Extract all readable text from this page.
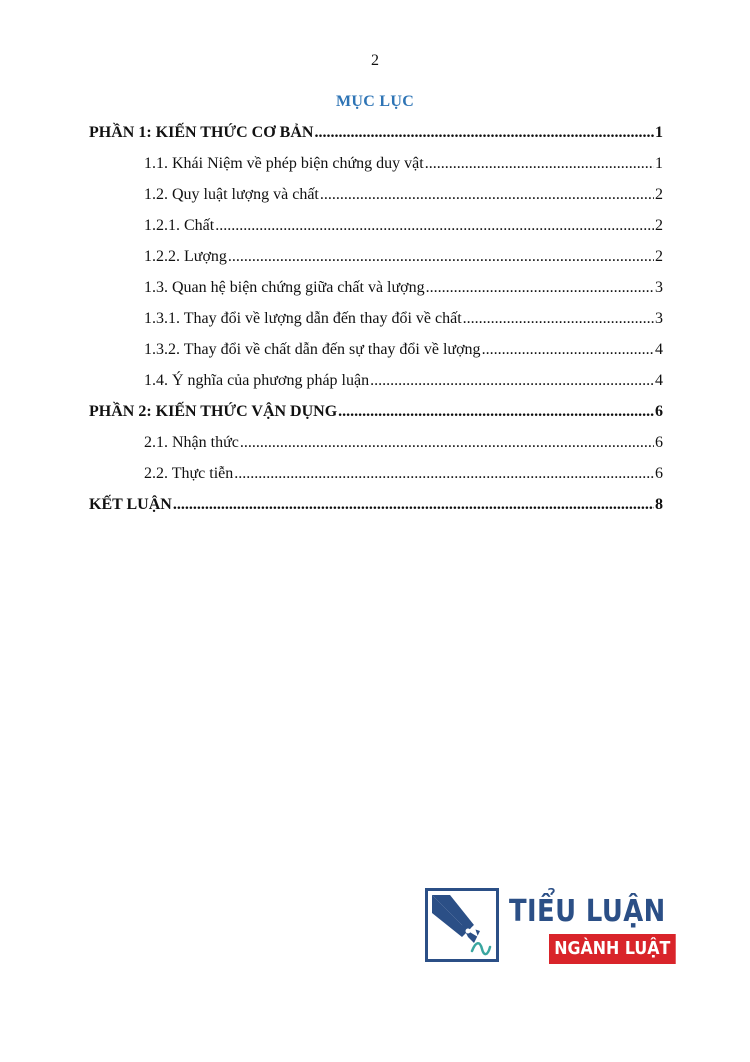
2
MỤC LỤC
PHẦN 1: KIẾN THỨC CƠ BẢN .....	1
1.1. Khái Niệm về phép biện chứng duy vật .....	1
1.2. Quy luật lượng và chất .....	2
1.2.1. Chất .....	2
1.2.2. Lượng .....	2
1.3. Quan hệ biện chứng giữa chất và lượng .....	3
1.3.1. Thay đổi về lượng dẫn đến thay đổi về chất .....	3
1.3.2. Thay đổi về chất dẫn đến sự thay đổi về lượng .....	4
1.4. Ý nghĩa của phương pháp luận .....	4
PHẦN 2: KIẾN THỨC VẬN DỤNG .....	6
2.1. Nhận thức .....	6
2.2. Thực tiễn .....	6
KẾT LUẬN .....	8
TIỂU LUẬN
NGÀNH LUẬT
